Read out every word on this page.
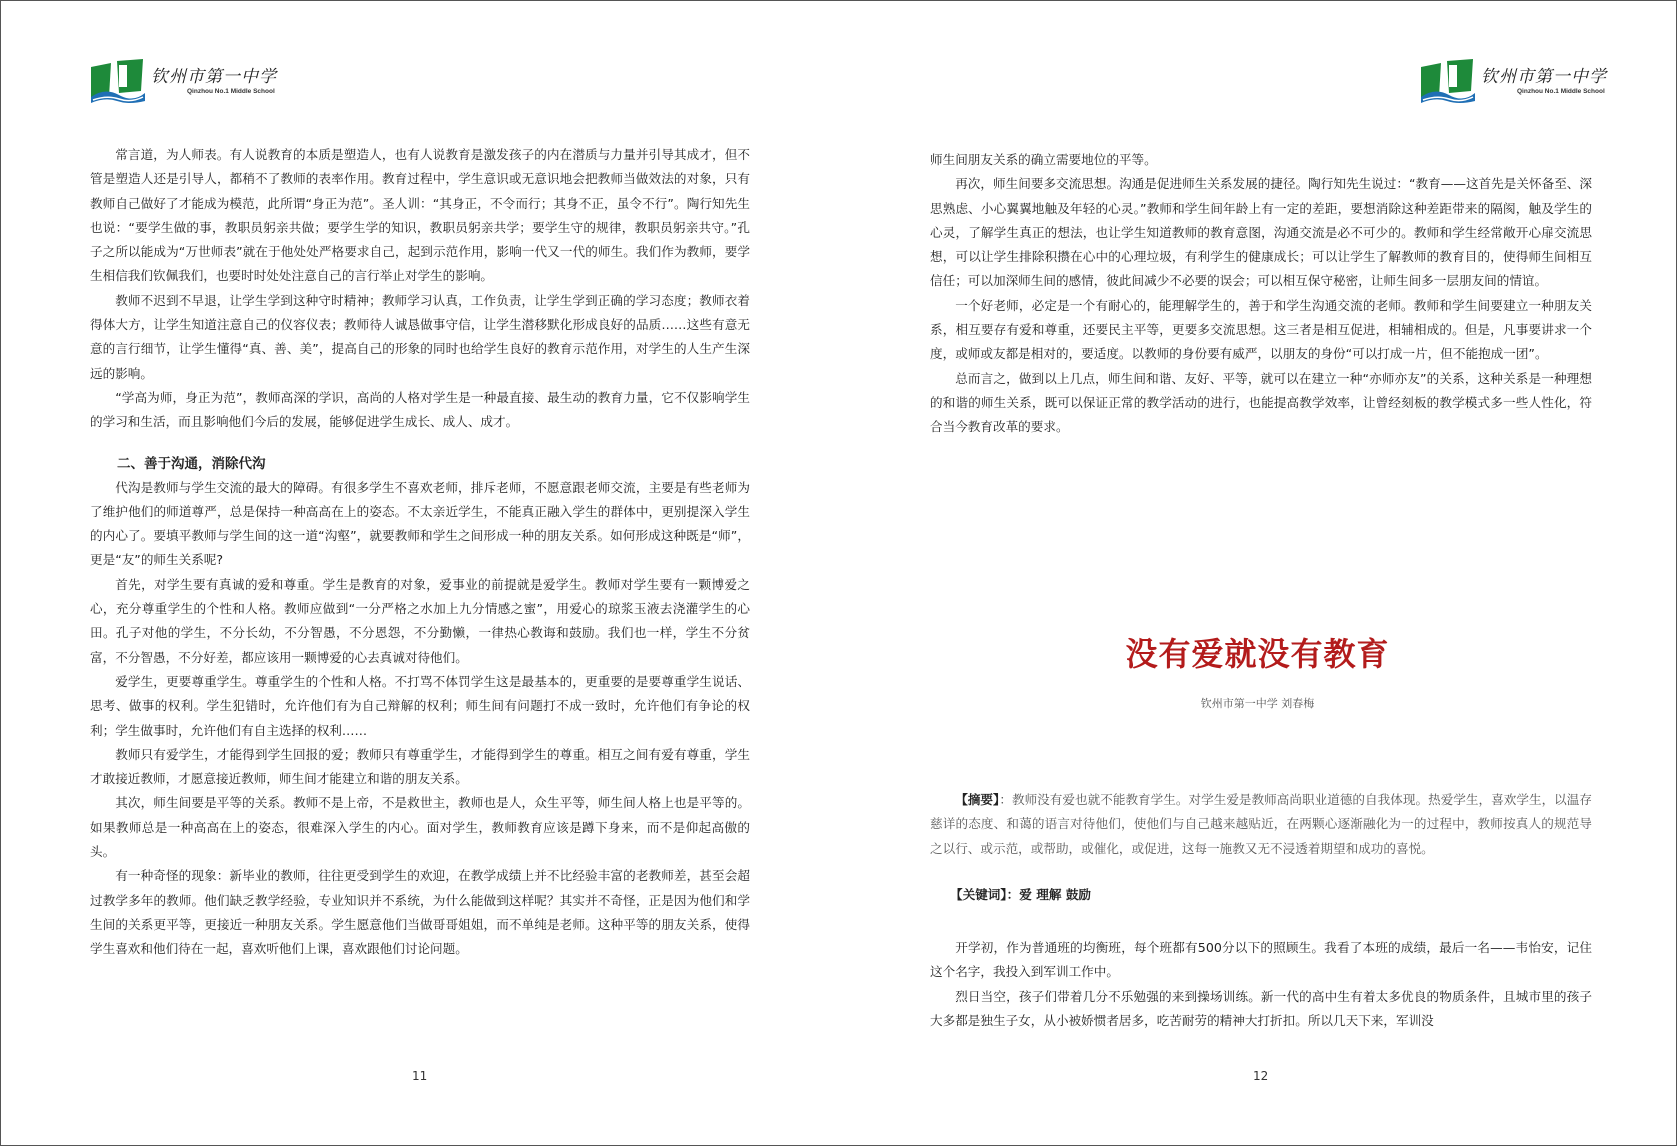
钦州市第一中学
Qinzhou No.1 Middle School

常言道，为人师表。有人说教育的本质是塑造人，也有人说教育是激发孩子的内在潜质与力量并引导其成才，但不管是塑造人还是引导人，都稍不了教师的表率作用。教育过程中，学生意识或无意识地会把教师当做效法的对象，只有教师自己做好了才能成为模范，此所谓“身正为范”。圣人训：“其身正，不令而行；其身不正，虽令不行”。陶行知先生也说：“要学生做的事，教职员躬亲共做；要学生学的知识，教职员躬亲共学；要学生守的规律，教职员躬亲共守。”孔子之所以能成为“万世师表”就在于他处处严格要求自己，起到示范作用，影响一代又一代的师生。我们作为教师，要学生相信我们钦佩我们，也要时时处处注意自己的言行举止对学生的影响。

教师不迟到不早退，让学生学到这种守时精神；教师学习认真，工作负责，让学生学到正确的学习态度；教师衣着得体大方，让学生知道注意自己的仪容仪表；教师待人诚恳做事守信，让学生潜移默化形成良好的品质……这些有意无意的言行细节，让学生懂得“真、善、美”，提高自己的形象的同时也给学生良好的教育示范作用，对学生的人生产生深远的影响。

“学高为师，身正为范”，教师高深的学识，高尚的人格对学生是一种最直接、最生动的教育力量，它不仅影响学生的学习和生活，而且影响他们今后的发展，能够促进学生成长、成人、成才。

二、善于沟通，消除代沟

代沟是教师与学生交流的最大的障碍。有很多学生不喜欢老师，排斥老师，不愿意跟老师交流，主要是有些老师为了维护他们的师道尊严，总是保持一种高高在上的姿态。不太亲近学生，不能真正融入学生的群体中，更别提深入学生的内心了。要填平教师与学生间的这一道“沟壑”，就要教师和学生之间形成一种的朋友关系。如何形成这种既是“师”，更是“友”的师生关系呢?

首先，对学生要有真诚的爱和尊重。学生是教育的对象，爱事业的前提就是爱学生。教师对学生要有一颗博爱之心，充分尊重学生的个性和人格。教师应做到“一分严格之水加上九分情感之蜜”，用爱心的琼浆玉液去浇灌学生的心田。孔子对他的学生，不分长幼，不分智愚，不分恩怨，不分勤懒，一律热心教诲和鼓励。我们也一样，学生不分贫富，不分智愚，不分好差，都应该用一颗博爱的心去真诚对待他们。

爱学生，更要尊重学生。尊重学生的个性和人格。不打骂不体罚学生这是最基本的，更重要的是要尊重学生说话、思考、做事的权利。学生犯错时，允许他们有为自己辩解的权利；师生间有问题打不成一致时，允许他们有争论的权利；学生做事时，允许他们有自主选择的权利……

教师只有爱学生，才能得到学生回报的爱；教师只有尊重学生，才能得到学生的尊重。相互之间有爱有尊重，学生才敢接近教师，才愿意接近教师，师生间才能建立和谐的朋友关系。

其次，师生间要是平等的关系。教师不是上帝，不是救世主，教师也是人，众生平等，师生间人格上也是平等的。如果教师总是一种高高在上的姿态，很难深入学生的内心。面对学生，教师教育应该是蹲下身来，而不是仰起高傲的头。

有一种奇怪的现象：新毕业的教师，往往更受到学生的欢迎，在教学成绩上并不比经验丰富的老教师差，甚至会超过教学多年的教师。他们缺乏教学经验，专业知识并不系统，为什么能做到这样呢？其实并不奇怪，正是因为他们和学生间的关系更平等，更接近一种朋友关系。学生愿意他们当做哥哥姐姐，而不单纯是老师。这种平等的朋友关系，使得学生喜欢和他们待在一起，喜欢听他们上课，喜欢跟他们讨论问题。

11
钦州市第一中学
Qinzhou No.1 Middle School

师生间朋友关系的确立需要地位的平等。

再次，师生间要多交流思想。沟通是促进师生关系发展的捷径。陶行知先生说过：“教育——这首先是关怀备至、深思熟虑、小心翼翼地触及年轻的心灵。”教师和学生间年龄上有一定的差距，要想消除这种差距带来的隔阂，触及学生的心灵，了解学生真正的想法，也让学生知道教师的教育意图，沟通交流是必不可少的。教师和学生经常敞开心扉交流思想，可以让学生排除积攒在心中的心理垃圾，有利学生的健康成长；可以让学生了解教师的教育目的，使得师生间相互信任；可以加深师生间的感情，彼此间减少不必要的误会；可以相互保守秘密，让师生间多一层朋友间的情谊。

一个好老师，必定是一个有耐心的，能理解学生的，善于和学生沟通交流的老师。教师和学生间要建立一种朋友关系，相互要存有爱和尊重，还要民主平等，更要多交流思想。这三者是相互促进，相辅相成的。但是，凡事要讲求一个度，或师或友都是相对的，要适度。以教师的身份要有威严，以朋友的身份“可以打成一片，但不能抱成一团”。

总而言之，做到以上几点，师生间和谐、友好、平等，就可以在建立一种“亦师亦友”的关系，这种关系是一种理想的和谐的师生关系，既可以保证正常的教学活动的进行，也能提高教学效率，让曾经刻板的教学模式多一些人性化，符合当今教育改革的要求。

没有爱就没有教育
钦州市第一中学 刘春梅
【摘要】：教师没有爱也就不能教育学生。对学生爱是教师高尚职业道德的自我体现。热爱学生，喜欢学生，以温存慈详的态度、和蔼的语言对待他们，使他们与自己越来越贴近，在两颗心逐渐融化为一的过程中，教师按真人的规范导之以行、或示范，或帮助，或催化，或促进，这每一施教又无不浸透着期望和成功的喜悦。
【关键词】：爱 理解 鼓励

开学初，作为普通班的均衡班，每个班都有500分以下的照顾生。我看了本班的成绩，最后一名——韦怡安，记住这个名字，我投入到军训工作中。

烈日当空，孩子们带着几分不乐勉强的来到操场训练。新一代的高中生有着太多优良的物质条件，且城市里的孩子大多都是独生子女，从小被娇惯者居多，吃苦耐劳的精神大打折扣。所以几天下来，军训没

12
